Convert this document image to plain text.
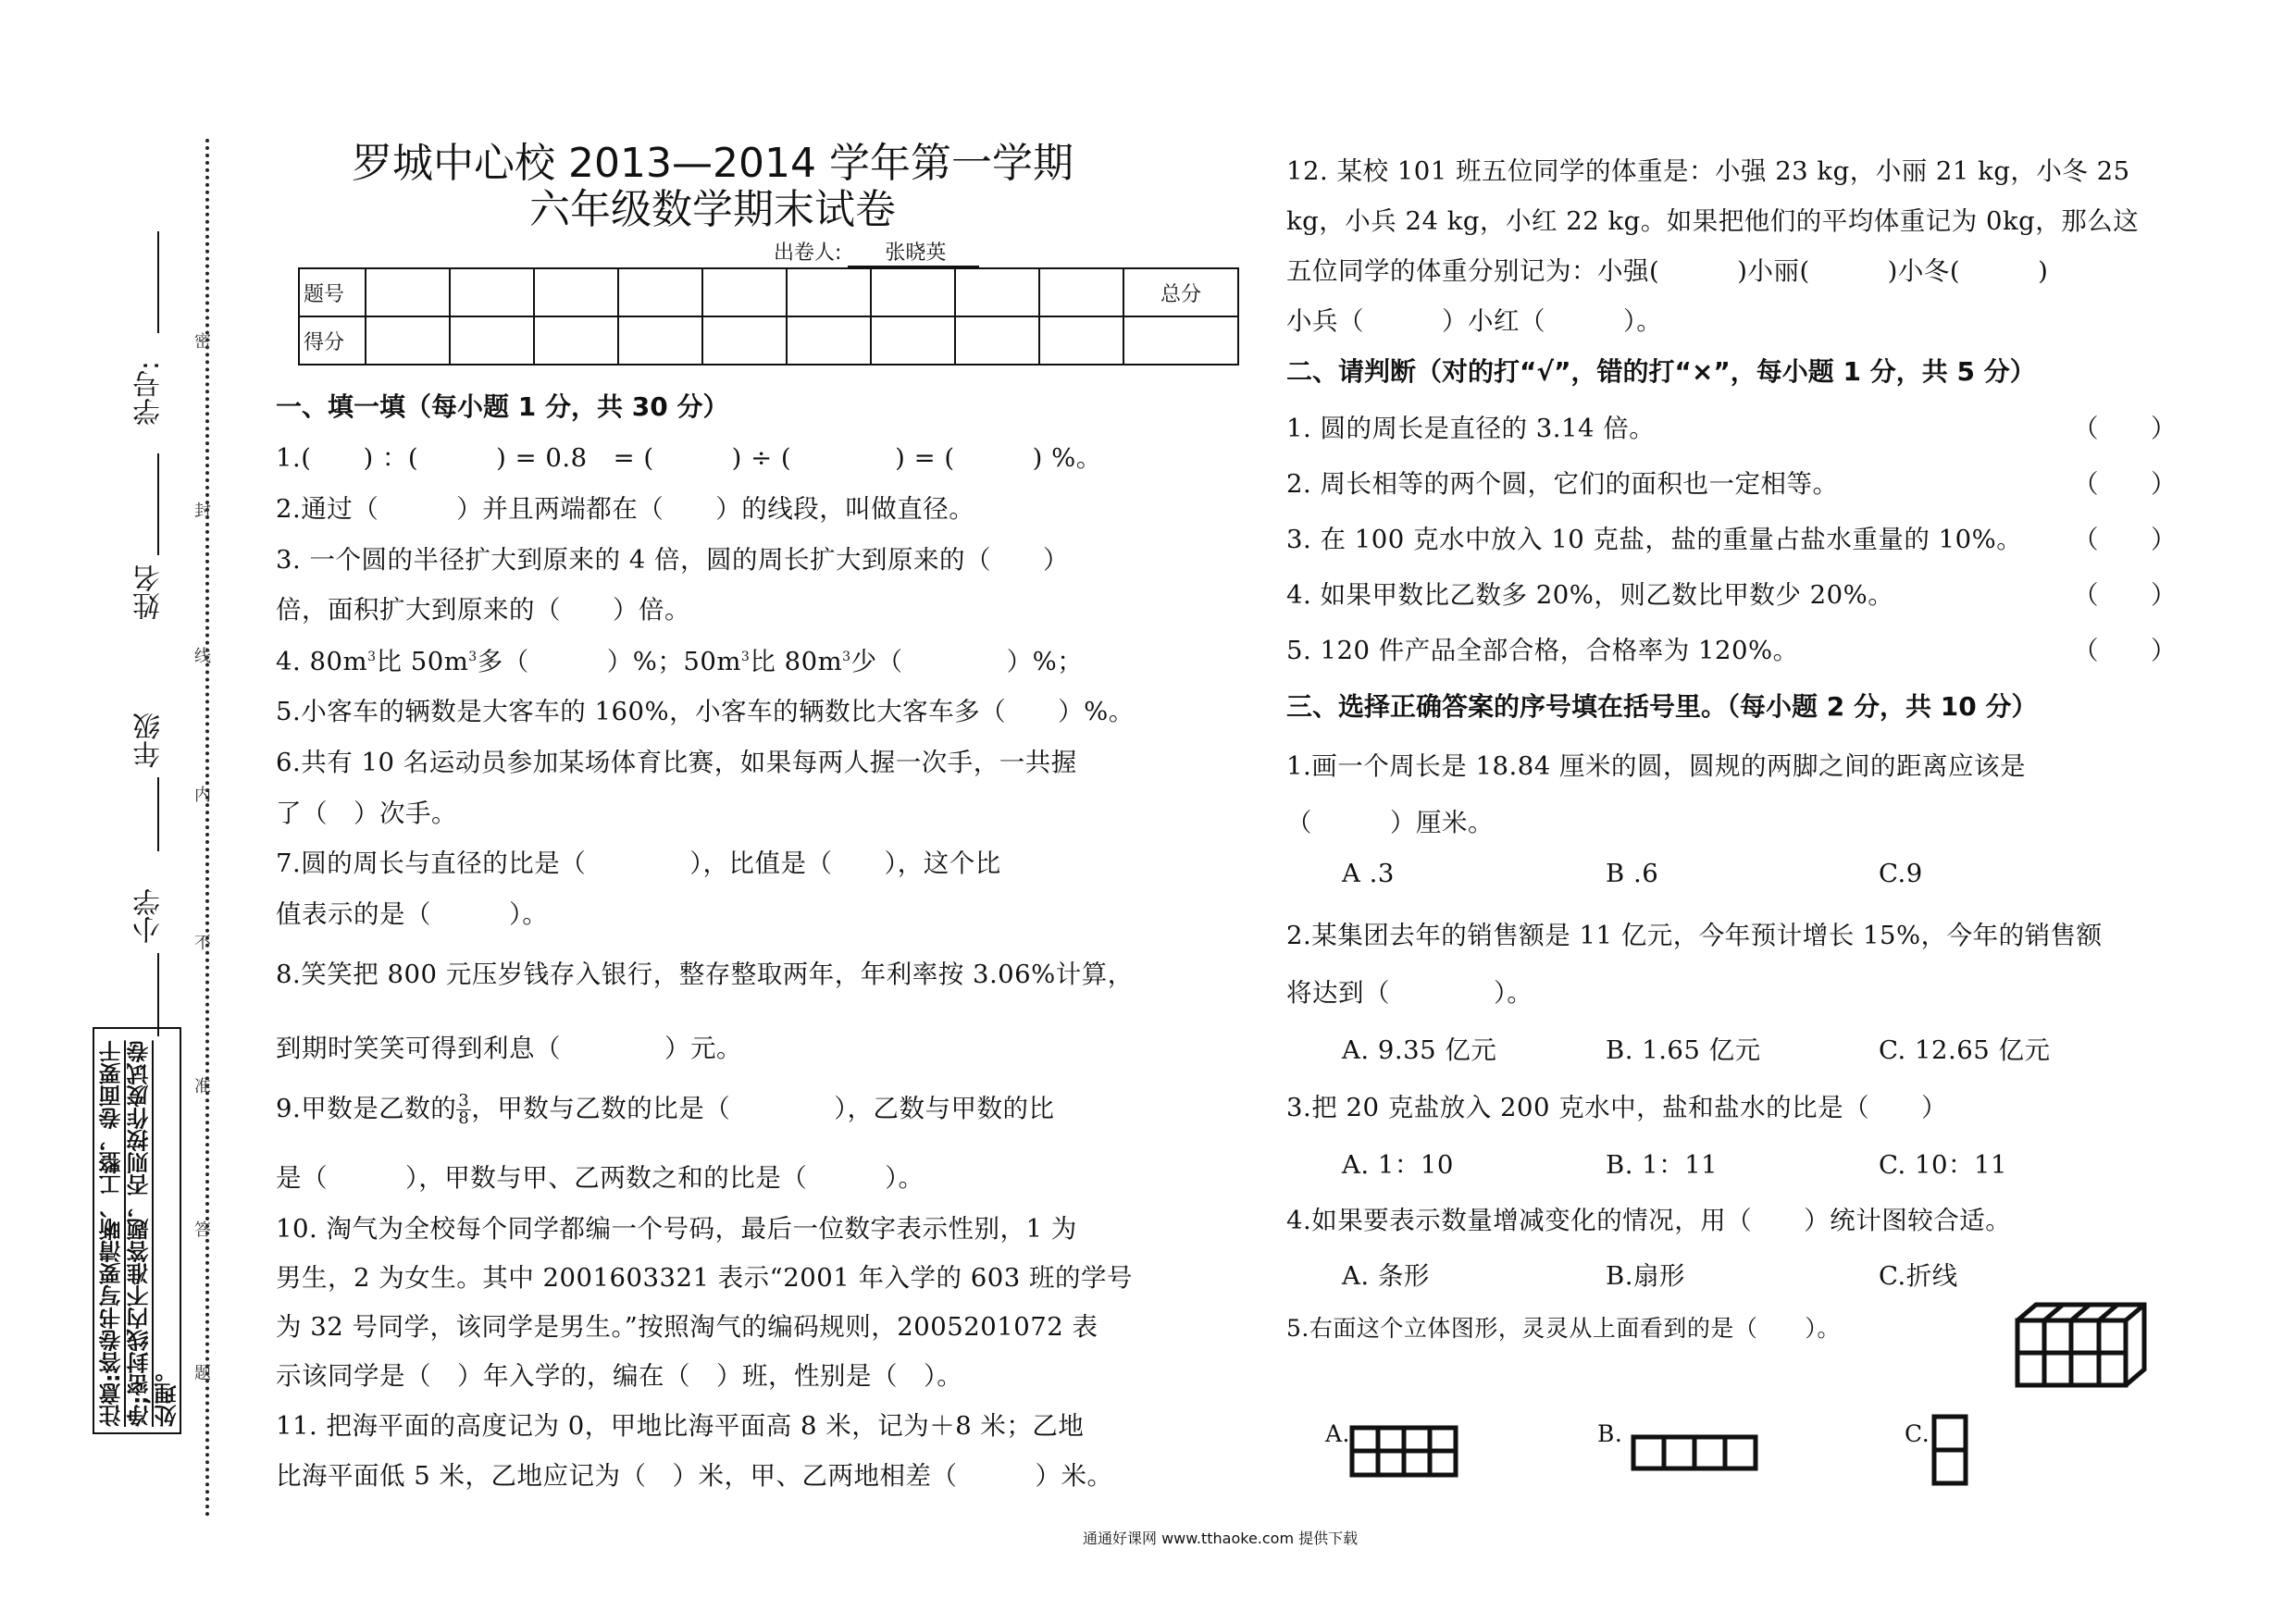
学号:
姓名
年级
小学
密
封
线
内
不
准
答
题
注意:答卷书写要清晰、工整，卷面要干净;密封线内不准答题，否则按作废试卷处理。
罗城中心校 2013—2014 学年第一学期
六年级数学期末试卷
出卷人: 张晓英
题号										总分
得分										
一、填一填（每小题 1 分，共 30 分）
1.(　　) ：(　　　) = 0.8　= (　　　) ÷ (　　　　) = (　　　) %。
2.通过（　　　）并且两端都在（　　）的线段，叫做直径。
3. 一个圆的半径扩大到原来的 4 倍，圆的周长扩大到原来的（　　）
倍，面积扩大到原来的（　　）倍。
4. $80m^3$比 $50m^3$多（　　　）%；$50m^3$比 $80m^3$少（　　　　）%；
5.小客车的辆数是大客车的 160%，小客车的辆数比大客车多（　　）%。
6.共有 10 名运动员参加某场体育比赛，如果每两人握一次手，一共握
了（　）次手。
7.圆的周长与直径的比是（　　　　），比值是（　　），这个比
值表示的是（　　　）。
8.笑笑把 800 元压岁钱存入银行，整存整取两年，年利率按 3.06%计算，
到期时笑笑可得到利息（　　　　）元。
9.甲数是乙数的 $\frac{3}{8}$ ，甲数与乙数的比是（　　　　），乙数与甲数的比
是（　　　），甲数与甲、乙两数之和的比是（　　　）。
10. 淘气为全校每个同学都编一个号码，最后一位数字表示性别，1 为
男生，2 为女生。其中 2001603321 表示“2001 年入学的 603 班的学号
为 32 号同学，该同学是男生。”按照淘气的编码规则，2005201072 表
示该同学是（　）年入学的，编在（　）班，性别是（　）。
11. 把海平面的高度记为 0，甲地比海平面高 8 米，记为＋8 米；乙地
比海平面低 5 米，乙地应记为（　）米，甲、乙两地相差（　　　）米。
12. 某校 101 班五位同学的体重是：小强 23 kg，小丽 21 kg，小冬 25
kg，小兵 24 kg，小红 22 kg。如果把他们的平均体重记为 0kg，那么这
五位同学的体重分别记为：小强(　　　)小丽(　　　)小冬(　　　)
小兵（　　　）小红（　　　）。
二、请判断（对的打“√”，错的打“×”，每小题 1 分，共 5 分）
1. 圆的周长是直径的 3.14 倍。	（　　）
2. 周长相等的两个圆，它们的面积也一定相等。	（　　）
3. 在 100 克水中放入 10 克盐，盐的重量占盐水重量的 10%。 （　　）
4. 如果甲数比乙数多 20%，则乙数比甲数少 20%。	（　　）
5. 120 件产品全部合格，合格率为 120%。	（　　）
三、选择正确答案的序号填在括号里。（每小题 2 分，共 10 分）
1.画一个周长是 18.84 厘米的圆，圆规的两脚之间的距离应该是
（　　　）厘米。
A .3	B .6	C.9
2.某集团去年的销售额是 11 亿元，今年预计增长 15%，今年的销售额
将达到（　　　　）。
A. 9.35 亿元	B. 1.65 亿元	C. 12.65 亿元
3.把 20 克盐放入 200 克水中，盐和盐水的比是（　　）
A. 1：10	B. 1：11	C. 10：11
4.如果要表示数量增减变化的情况，用（　　）统计图较合适。
A. 条形	B.扇形	C.折线
5.右面这个立体图形，灵灵从上面看到的是（　　）。
A.	B.	C.
通通好课网 www.tthaoke.com 提供下载
